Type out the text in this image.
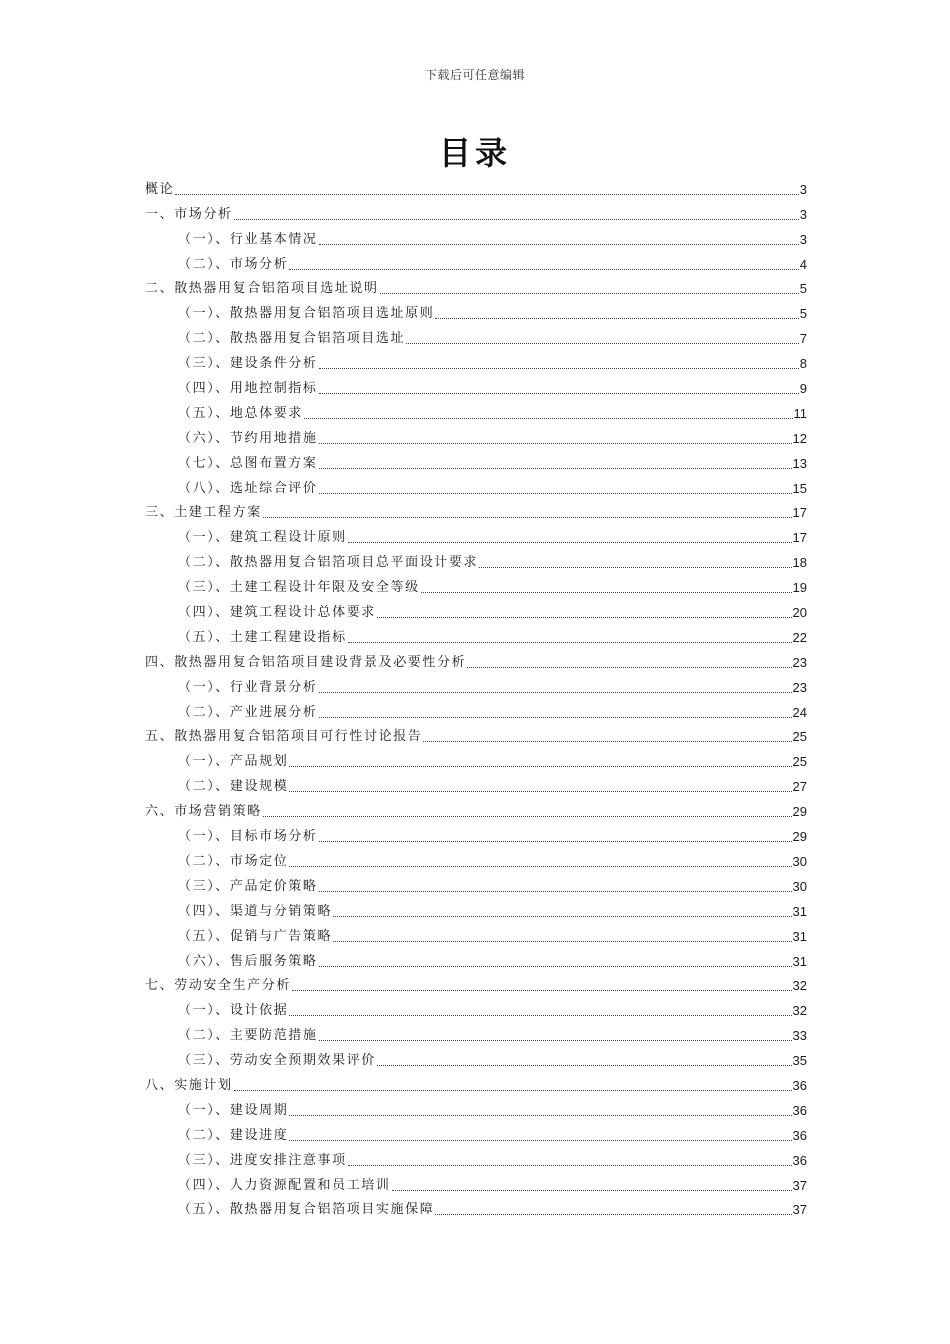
下载后可任意编辑
目录
概论	3
一、市场分析	3
（一）、行业基本情况	3
（二）、市场分析	4
二、散热器用复合铝箔项目选址说明	5
（一）、散热器用复合铝箔项目选址原则	5
（二）、散热器用复合铝箔项目选址	7
（三）、建设条件分析	8
（四）、用地控制指标	9
（五）、地总体要求	11
（六）、节约用地措施	12
（七）、总图布置方案	13
（八）、选址综合评价	15
三、土建工程方案	17
（一）、建筑工程设计原则	17
（二）、散热器用复合铝箔项目总平面设计要求	18
（三）、土建工程设计年限及安全等级	19
（四）、建筑工程设计总体要求	20
（五）、土建工程建设指标	22
四、散热器用复合铝箔项目建设背景及必要性分析	23
（一）、行业背景分析	23
（二）、产业进展分析	24
五、散热器用复合铝箔项目可行性讨论报告	25
（一）、产品规划	25
（二）、建设规模	27
六、市场营销策略	29
（一）、目标市场分析	29
（二）、市场定位	30
（三）、产品定价策略	30
（四）、渠道与分销策略	31
（五）、促销与广告策略	31
（六）、售后服务策略	31
七、劳动安全生产分析	32
（一）、设计依据	32
（二）、主要防范措施	33
（三）、劳动安全预期效果评价	35
八、实施计划	36
（一）、建设周期	36
（二）、建设进度	36
（三）、进度安排注意事项	36
（四）、人力资源配置和员工培训	37
（五）、散热器用复合铝箔项目实施保障	37
